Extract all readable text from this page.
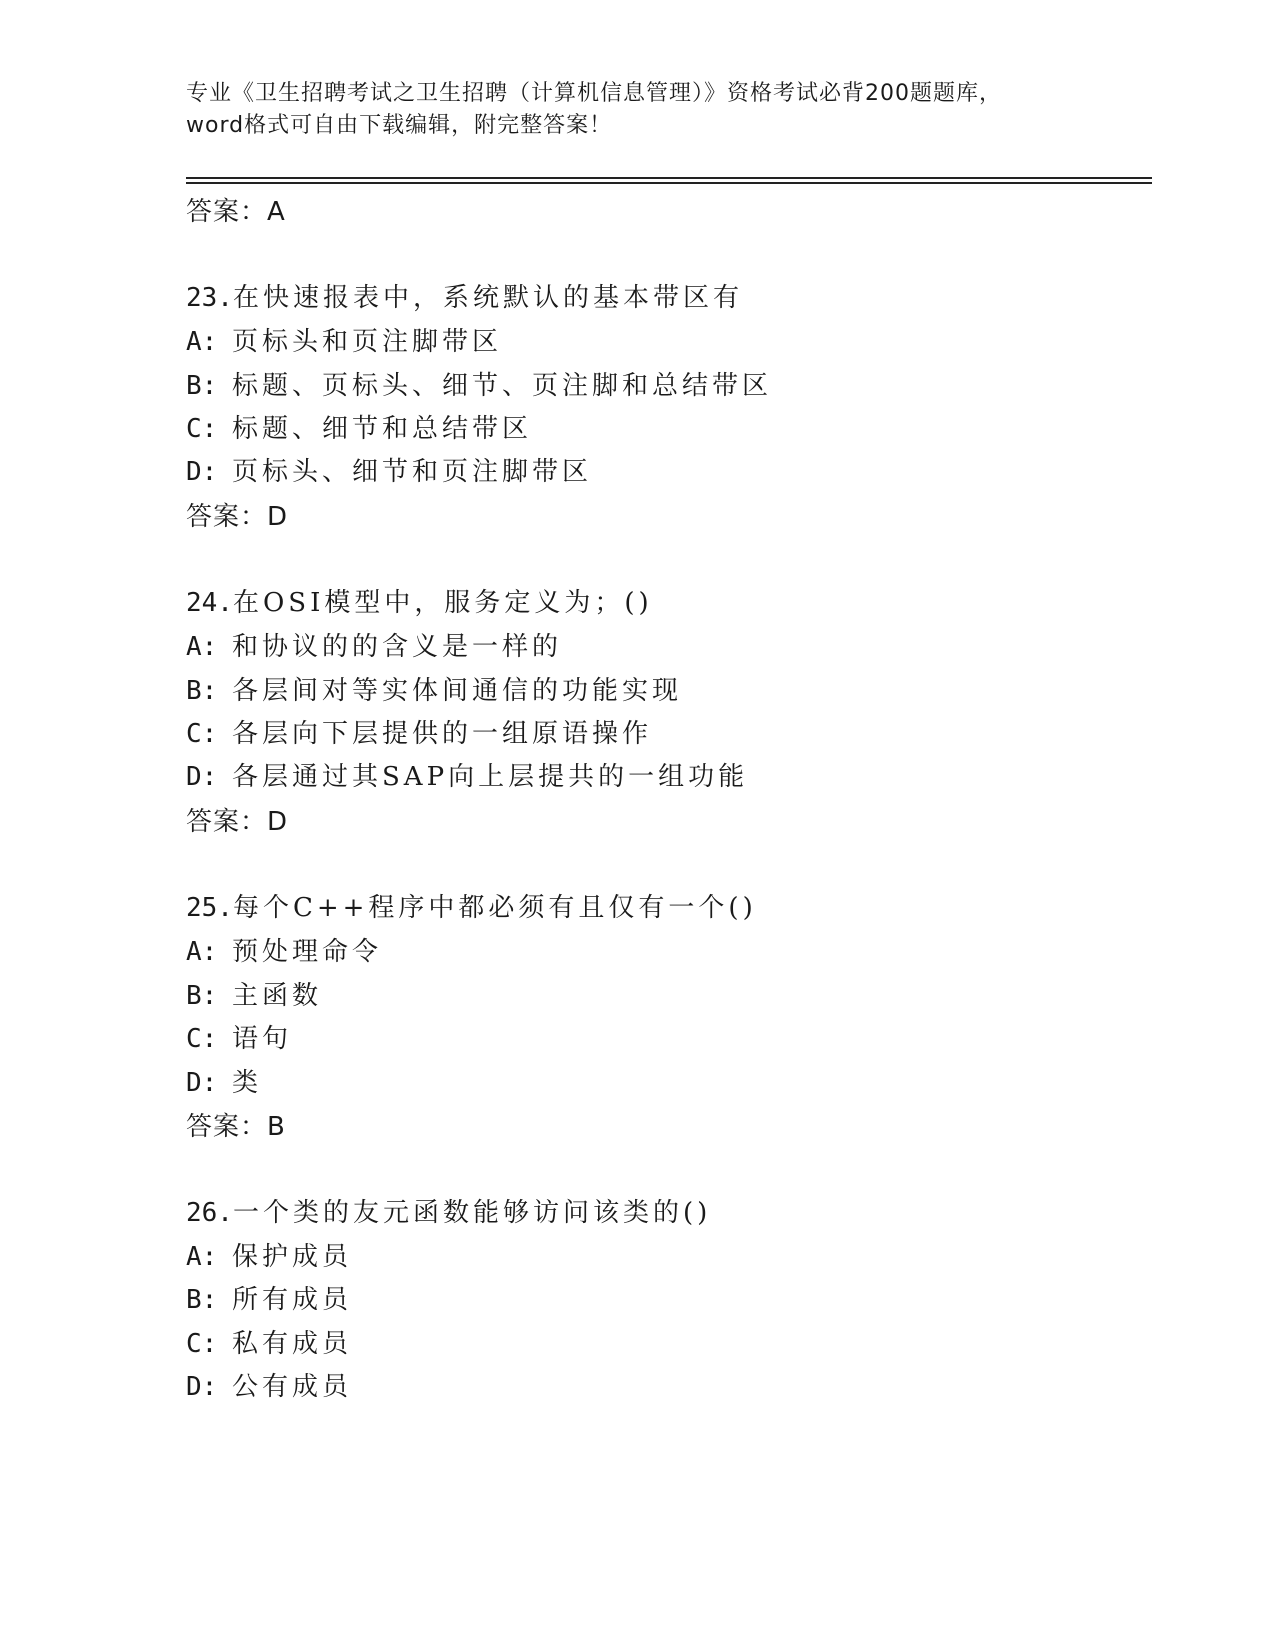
专业《卫生招聘考试之卫生招聘（计算机信息管理）》资格考试必背200题题库，
word格式可自由下载编辑，附完整答案！
答案：A
23.在快速报表中，系统默认的基本带区有
A: 页标头和页注脚带区
B: 标题、页标头、细节、页注脚和总结带区
C: 标题、细节和总结带区
D: 页标头、细节和页注脚带区
答案：D
24.在OSI模型中，服务定义为；()
A: 和协议的的含义是一样的
B: 各层间对等实体间通信的功能实现
C: 各层向下层提供的一组原语操作
D: 各层通过其SAP向上层提共的一组功能
答案：D
25.每个C++程序中都必须有且仅有一个()
A: 预处理命令
B: 主函数
C: 语句
D: 类
答案：B
26.一个类的友元函数能够访问该类的()
A: 保护成员
B: 所有成员
C: 私有成员
D: 公有成员
